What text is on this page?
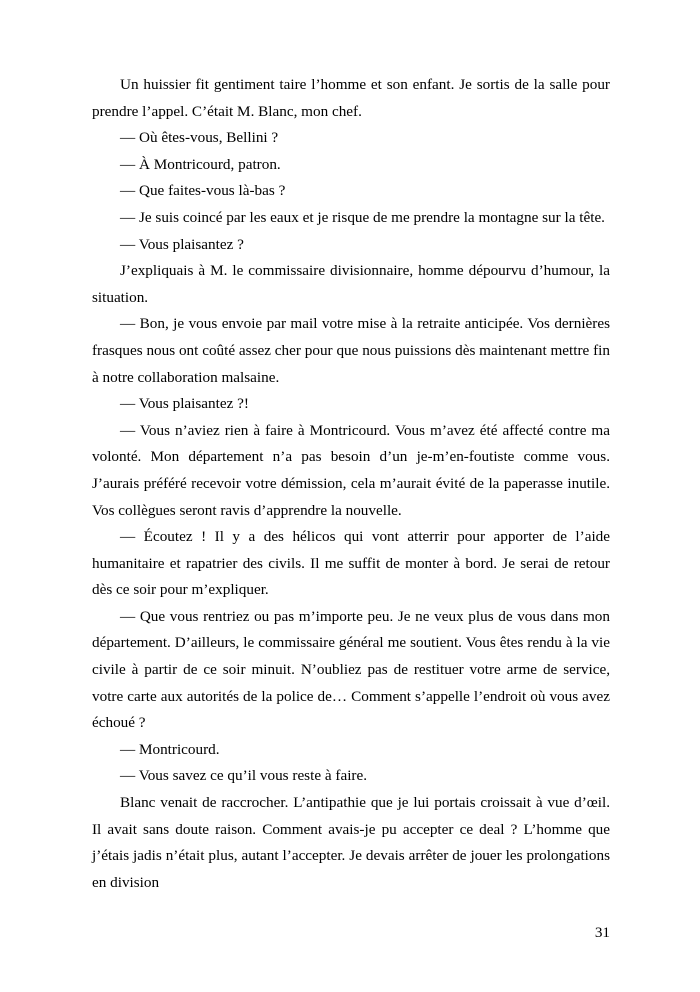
Un huissier fit gentiment taire l’homme et son enfant. Je sortis de la salle pour prendre l’appel. C’était M. Blanc, mon chef.

— Où êtes-vous, Bellini ?

— À Montricourd, patron.

— Que faites-vous là-bas ?

— Je suis coincé par les eaux et je risque de me prendre la montagne sur la tête.

— Vous plaisantez ?

J’expliquais à M. le commissaire divisionnaire, homme dépourvu d’humour, la situation.

— Bon, je vous envoie par mail votre mise à la retraite anticipée. Vos dernières frasques nous ont coûté assez cher pour que nous puissions dès maintenant mettre fin à notre collaboration malsaine.

— Vous plaisantez ?!

— Vous n’aviez rien à faire à Montricourd. Vous m’avez été affecté contre ma volonté. Mon département n’a pas besoin d’un je-m’en-foutiste comme vous. J’aurais préféré recevoir votre démission, cela m’aurait évité de la paperasse inutile. Vos collègues seront ravis d’apprendre la nouvelle.

— Écoutez ! Il y a des hélicos qui vont atterrir pour apporter de l’aide humanitaire et rapatrier des civils. Il me suffit de monter à bord. Je serai de retour dès ce soir pour m’expliquer.

— Que vous rentriez ou pas m’importe peu. Je ne veux plus de vous dans mon département. D’ailleurs, le commissaire général me soutient. Vous êtes rendu à la vie civile à partir de ce soir minuit. N’oubliez pas de restituer votre arme de service, votre carte aux autorités de la police de… Comment s’appelle l’endroit où vous avez échoué ?

— Montricourd.

— Vous savez ce qu’il vous reste à faire.

Blanc venait de raccrocher. L’antipathie que je lui portais croissait à vue d’œil. Il avait sans doute raison. Comment avais-je pu accepter ce deal ? L’homme que j’étais jadis n’était plus, autant l’accepter. Je devais arrêter de jouer les prolongations en division

31
